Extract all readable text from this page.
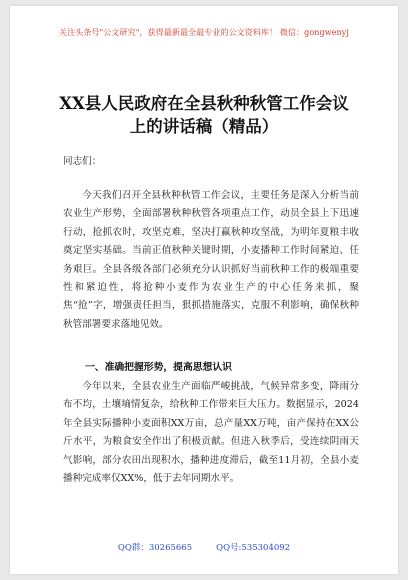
关注头条号"公文研究"，获得最新最全最专业的公文资料库！ 微信：gongwenyj
XX县人民政府在全县秋种秋管工作会议
上的讲话稿（精品）
同志们：
今天我们召开全县秋种秋管工作会议，主要任务是深入分析当前农业生产形势，全面部署秋种秋管各项重点工作，动员全县上下迅速行动，抢抓农时，攻坚克难，坚决打赢秋种攻坚战，为明年夏粮丰收奠定坚实基础。当前正值秋种关键时期，小麦播种工作时间紧迫、任务艰巨。全县各级各部门必须充分认识抓好当前秋种工作的极端重要性和紧迫性，将抢种小麦作为农业生产的中心任务来抓，聚焦“抢”字，增强责任担当，狠抓措施落实，克服不利影响，确保秋种秋管部署要求落地见效。
一、准确把握形势，提高思想认识
今年以来，全县农业生产面临严峻挑战，气候异常多变，降雨分布不均，土壤墒情复杂，给秋种工作带来巨大压力。数据显示，2024年全县实际播种小麦面积XX万亩，总产量XX万吨，亩产保持在XX公斤水平，为粮食安全作出了积极贡献。但进入秋季后，受连续阴雨天气影响，部分农田出现积水，播种进度滞后，截至11月初，全县小麦播种完成率仅XX%，低于去年同期水平。
QQ群：30265665	QQ号:535304092
